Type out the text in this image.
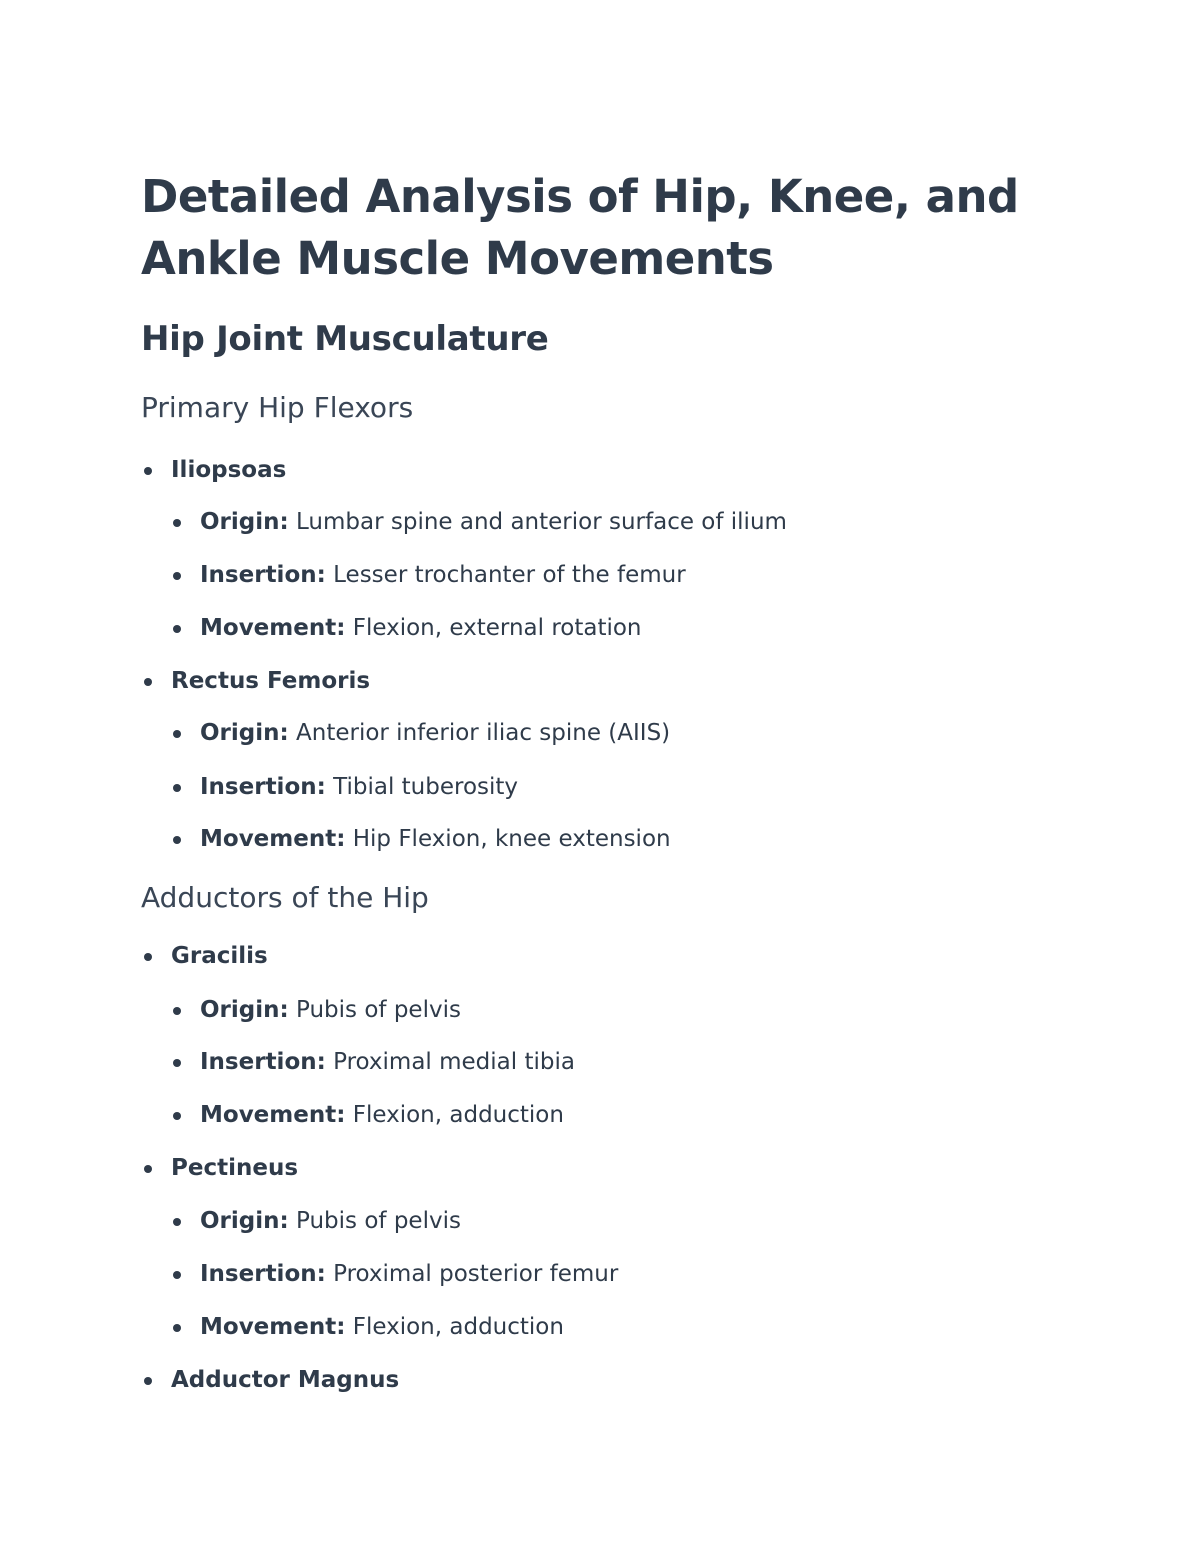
Detailed Analysis of Hip, Knee, and
Ankle Muscle Movements
Hip Joint Musculature
Primary Hip Flexors
Iliopsoas
Origin: Lumbar spine and anterior surface of ilium
Insertion: Lesser trochanter of the femur
Movement: Flexion, external rotation
Rectus Femoris
Origin: Anterior inferior iliac spine (AIIS)
Insertion: Tibial tuberosity
Movement: Hip Flexion, knee extension
Adductors of the Hip
Gracilis
Origin: Pubis of pelvis
Insertion: Proximal medial tibia
Movement: Flexion, adduction
Pectineus
Origin: Pubis of pelvis
Insertion: Proximal posterior femur
Movement: Flexion, adduction
Adductor Magnus
